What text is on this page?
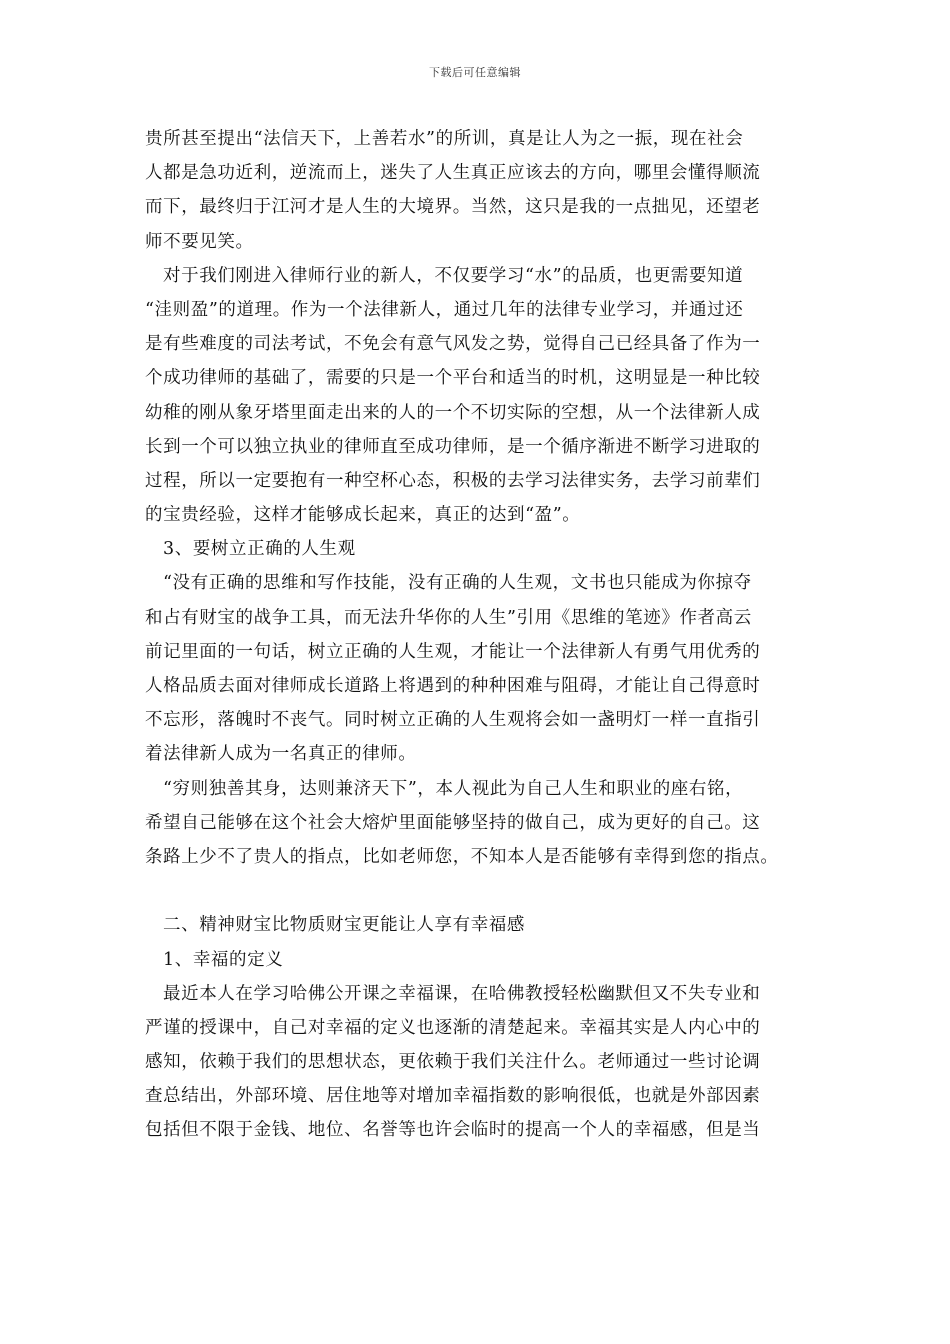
下载后可任意编辑
贵所甚至提出“法信天下，上善若水”的所训，真是让人为之一振，现在社会
人都是急功近利，逆流而上，迷失了人生真正应该去的方向，哪里会懂得顺流
而下，最终归于江河才是人生的大境界。当然，这只是我的一点拙见，还望老
师不要见笑。
对于我们刚进入律师行业的新人，不仅要学习“水”的品质，也更需要知道
“洼则盈”的道理。作为一个法律新人，通过几年的法律专业学习，并通过还
是有些难度的司法考试，不免会有意气风发之势，觉得自己已经具备了作为一
个成功律师的基础了，需要的只是一个平台和适当的时机，这明显是一种比较
幼稚的刚从象牙塔里面走出来的人的一个不切实际的空想，从一个法律新人成
长到一个可以独立执业的律师直至成功律师，是一个循序渐进不断学习进取的
过程，所以一定要抱有一种空杯心态，积极的去学习法律实务，去学习前辈们
的宝贵经验，这样才能够成长起来，真正的达到“盈”。
3、要树立正确的人生观
“没有正确的思维和写作技能，没有正确的人生观，文书也只能成为你掠夺
和占有财宝的战争工具，而无法升华你的人生”引用《思维的笔迹》作者高云
前记里面的一句话，树立正确的人生观，才能让一个法律新人有勇气用优秀的
人格品质去面对律师成长道路上将遇到的种种困难与阻碍，才能让自己得意时
不忘形，落魄时不丧气。同时树立正确的人生观将会如一盏明灯一样一直指引
着法律新人成为一名真正的律师。
“穷则独善其身，达则兼济天下”，本人视此为自己人生和职业的座右铭，
希望自己能够在这个社会大熔炉里面能够坚持的做自己，成为更好的自己。这
条路上少不了贵人的指点，比如老师您，不知本人是否能够有幸得到您的指点。
二、精神财宝比物质财宝更能让人享有幸福感
1、幸福的定义
最近本人在学习哈佛公开课之幸福课，在哈佛教授轻松幽默但又不失专业和
严谨的授课中，自己对幸福的定义也逐渐的清楚起来。幸福其实是人内心中的
感知，依赖于我们的思想状态，更依赖于我们关注什么。老师通过一些讨论调
查总结出，外部环境、居住地等对增加幸福指数的影响很低，也就是外部因素
包括但不限于金钱、地位、名誉等也许会临时的提高一个人的幸福感，但是当
